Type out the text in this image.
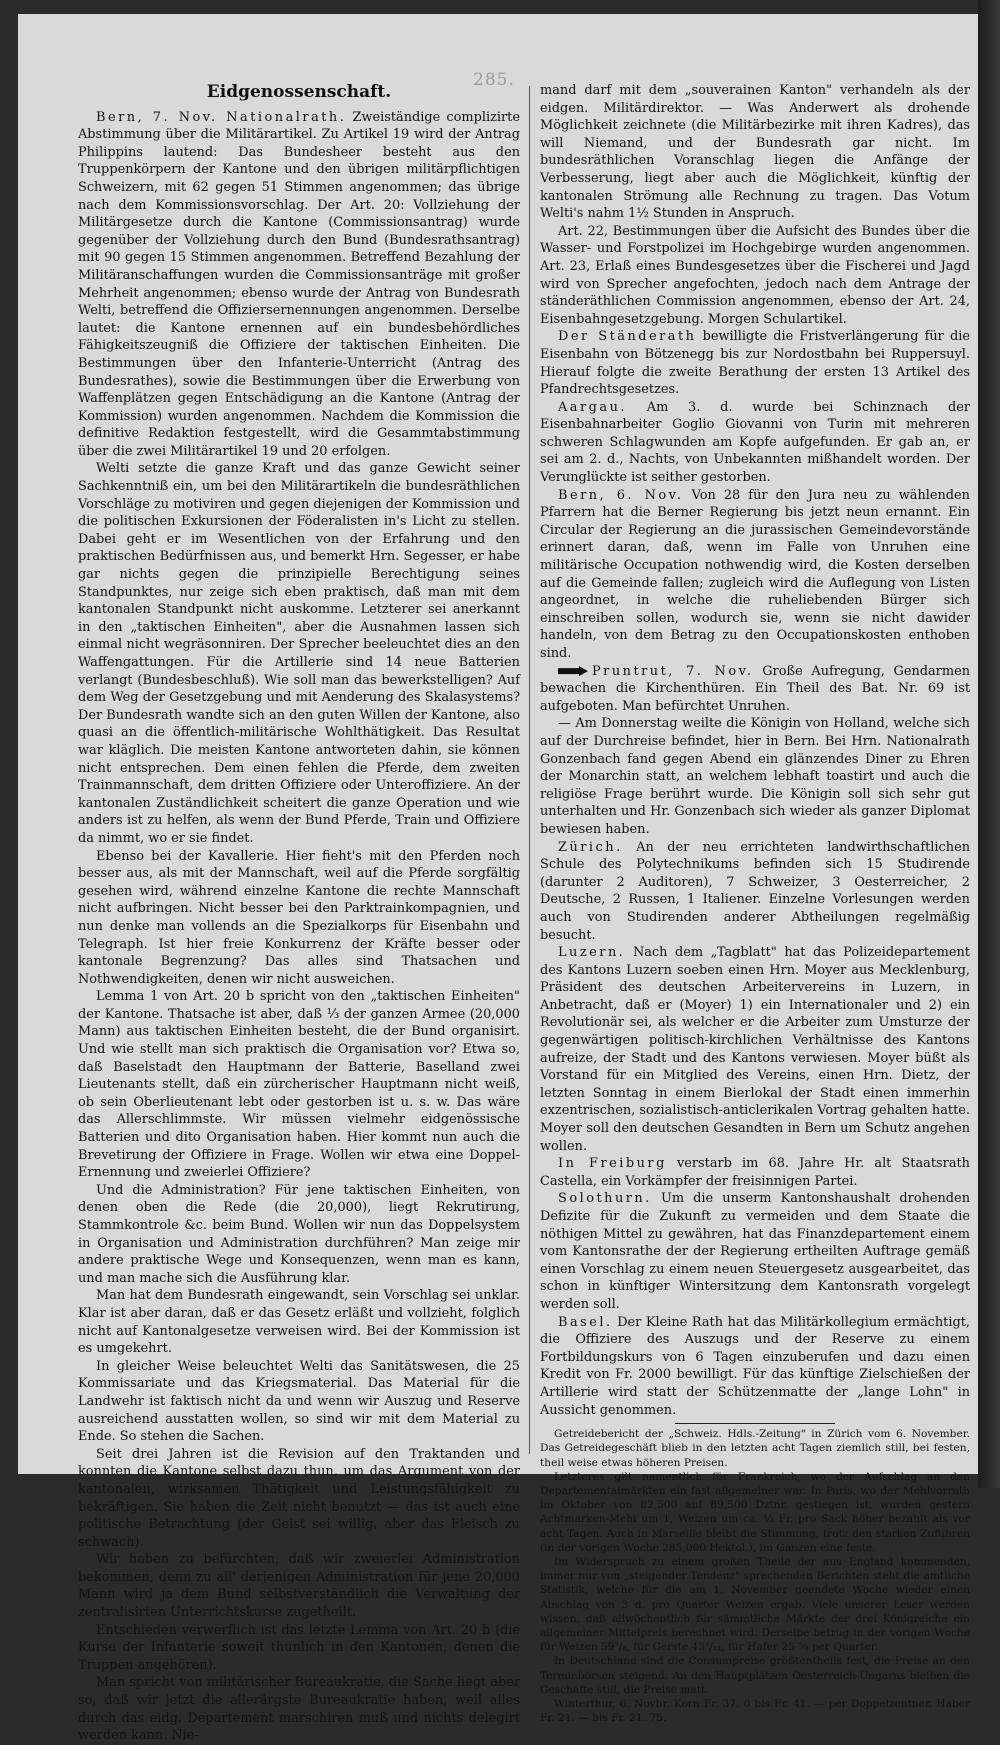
285.
Eidgenossenschaft.

Bern, 7. Nov. Nationalrath. Zweiständige complizirte Abstimmung über die Militärartikel. Zu Artikel 19 wird der Antrag Philippins lautend: Das Bundesheer besteht aus den Truppenkörpern der Kantone und den übrigen militärpflichtigen Schweizern, mit 62 gegen 51 Stimmen angenommen; das übrige nach dem Kommissionsvorschlag. Der Art. 20: Vollziehung der Militärgesetze durch die Kantone (Commissionsantrag) wurde gegenüber der Vollziehung durch den Bund (Bundesrathsantrag) mit 90 gegen 15 Stimmen angenommen. Betreffend Bezahlung der Militäranschaffungen wurden die Commissionsanträge mit großer Mehrheit angenommen; ebenso wurde der Antrag von Bundesrath Welti, betreffend die Offiziersernennungen angenommen. Derselbe lautet: die Kantone ernennen auf ein bundesbehördliches Fähigkeitszeugniß die Offiziere der taktischen Einheiten. Die Bestimmungen über den Infanterie-Unterricht (Antrag des Bundesrathes), sowie die Bestimmungen über die Erwerbung von Waffenplätzen gegen Entschädigung an die Kantone (Antrag der Kommission) wurden angenommen. Nachdem die Kommission die definitive Redaktion festgestellt, wird die Gesammtabstimmung über die zwei Militärartikel 19 und 20 erfolgen.

Welti setzte die ganze Kraft und das ganze Gewicht seiner Sachkenntniß ein, um bei den Militärartikeln die bundesräthlichen Vorschläge zu motiviren und gegen diejenigen der Kommission und die politischen Exkursionen der Föderalisten in's Licht zu stellen. Dabei geht er im Wesentlichen von der Erfahrung und den praktischen Bedürfnissen aus, und bemerkt Hrn. Segesser, er habe gar nichts gegen die prinzipielle Berechtigung seines Standpunktes, nur zeige sich eben praktisch, daß man mit dem kantonalen Standpunkt nicht auskomme. Letzterer sei anerkannt in den „taktischen Einheiten", aber die Ausnahmen lassen sich einmal nicht wegräsonniren. Der Sprecher beeleuchtet dies an den Waffengattungen. Für die Artillerie sind 14 neue Batterien verlangt (Bundesbeschluß). Wie soll man das bewerkstelligen? Auf dem Weg der Gesetzgebung und mit Aenderung des Skalasystems? Der Bundesrath wandte sich an den guten Willen der Kantone, also quasi an die öffentlich-militärische Wohlthätigkeit. Das Resultat war kläglich. Die meisten Kantone antworteten dahin, sie können nicht entsprechen. Dem einen fehlen die Pferde, dem zweiten Trainmannschaft, dem dritten Offiziere oder Unteroffiziere. An der kantonalen Zuständlichkeit scheitert die ganze Operation und wie anders ist zu helfen, als wenn der Bund Pferde, Train und Offiziere da nimmt, wo er sie findet.

Ebenso bei der Kavallerie. Hier fieht's mit den Pferden noch besser aus, als mit der Mannschaft, weil auf die Pferde sorgfältig gesehen wird, während einzelne Kantone die rechte Mannschaft nicht aufbringen. Nicht besser bei den Parktrainkompagnien, und nun denke man vollends an die Spezialkorps für Eisenbahn und Telegraph. Ist hier freie Konkurrenz der Kräfte besser oder kantonale Begrenzung? Das alles sind Thatsachen und Nothwendigkeiten, denen wir nicht ausweichen.

Lemma 1 von Art. 20 b spricht von den „taktischen Einheiten" der Kantone. Thatsache ist aber, daß ⅓ der ganzen Armee (20,000 Mann) aus taktischen Einheiten besteht, die der Bund organisirt. Und wie stellt man sich praktisch die Organisation vor? Etwa so, daß Baselstadt den Hauptmann der Batterie, Baselland zwei Lieutenants stellt, daß ein zürcherischer Hauptmann nicht weiß, ob sein Oberlieutenant lebt oder gestorben ist u. s. w. Das wäre das Allerschlimmste. Wir müssen vielmehr eidgenössische Batterien und dito Organisation haben. Hier kommt nun auch die Brevetirung der Offiziere in Frage. Wollen wir etwa eine Doppel-Ernennung und zweierlei Offiziere?

Und die Administration? Für jene taktischen Einheiten, von denen oben die Rede (die 20,000), liegt Rekrutirung, Stammkontrole &c. beim Bund. Wollen wir nun das Doppelsystem in Organisation und Administration durchführen? Man zeige mir andere praktische Wege und Konsequenzen, wenn man es kann, und man mache sich die Ausführung klar.

Man hat dem Bundesrath eingewandt, sein Vorschlag sei unklar. Klar ist aber daran, daß er das Gesetz erläßt und vollzieht, folglich nicht auf Kantonalgesetze verweisen wird. Bei der Kommission ist es umgekehrt.

In gleicher Weise beleuchtet Welti das Sanitätswesen, die 25 Kommissariate und das Kriegsmaterial. Das Material für die Landwehr ist faktisch nicht da und wenn wir Auszug und Reserve ausreichend ausstatten wollen, so sind wir mit dem Material zu Ende. So stehen die Sachen.

Seit drei Jahren ist die Revision auf den Traktanden und konnten die Kantone selbst dazu thun, um das Argument von der kantonalen, wirksamen Thätigkeit und Leistungsfähigkeit zu bekräftigen. Sie haben die Zeit nicht benutzt — das ist auch eine politische Betrachtung (der Geist sei willig, aber das Fleisch zu schwach).

Wir haben zu befürchten, daß wir zweierlei Administration bekommen, denn zu all' derjenigen Administration für jene 20,000 Mann wird ja dem Bund selbstverständlich die Verwaltung der zentralisirten Unterrichtskurse zugetheilt.

Entschieden verwerflich ist das letzte Lemma von Art. 20 b (die Kurse der Infanterie soweit thunlich in den Kantonen, denen die Truppen angehören).

Man spricht von militärischer Bureaukratie, die Sache liegt aber so, daß wir jetzt die allerärgste Bureaukratie haben, weil alles durch das eidg. Departement marschiren muß und nichts delegirt werden kann. Nie-

mand darf mit dem „souverainen Kanton" verhandeln als der eidgen. Militärdirektor. — Was Anderwert als drohende Möglichkeit zeichnete (die Militärbezirke mit ihren Kadres), das will Niemand, und der Bundesrath gar nicht. Im bundesräthlichen Voranschlag liegen die Anfänge der Verbesserung, liegt aber auch die Möglichkeit, künftig der kantonalen Strömung alle Rechnung zu tragen. Das Votum Welti's nahm 1½ Stunden in Anspruch.

Art. 22, Bestimmungen über die Aufsicht des Bundes über die Wasser- und Forstpolizei im Hochgebirge wurden angenommen. Art. 23, Erlaß eines Bundesgesetzes über die Fischerei und Jagd wird von Sprecher angefochten, jedoch nach dem Antrage der ständeräthlichen Commission angenommen, ebenso der Art. 24, Eisenbahngesetzgebung. Morgen Schulartikel.

Der Ständerath bewilligte die Fristverlängerung für die Eisenbahn von Bötzenegg bis zur Nordostbahn bei Ruppersuyl. Hierauf folgte die zweite Berathung der ersten 13 Artikel des Pfandrechtsgesetzes.

Aargau. Am 3. d. wurde bei Schinznach der Eisenbahnarbeiter Goglio Giovanni von Turin mit mehreren schweren Schlagwunden am Kopfe aufgefunden. Er gab an, er sei am 2. d., Nachts, von Unbekannten mißhandelt worden. Der Verunglückte ist seither gestorben.

Bern, 6. Nov. Von 28 für den Jura neu zu wählenden Pfarrern hat die Berner Regierung bis jetzt neun ernannt. Ein Circular der Regierung an die jurassischen Gemeindevorstände erinnert daran, daß, wenn im Falle von Unruhen eine militärische Occupation nothwendig wird, die Kosten derselben auf die Gemeinde fallen; zugleich wird die Auflegung von Listen angeordnet, in welche die ruheliebenden Bürger sich einschreiben sollen, wodurch sie, wenn sie nicht dawider handeln, von dem Betrag zu den Occupationskosten enthoben sind.

Pruntrut, 7. Nov. Große Aufregung, Gendarmen bewachen die Kirchenthüren. Ein Theil des Bat. Nr. 69 ist aufgeboten. Man befürchtet Unruhen.

— Am Donnerstag weilte die Königin von Holland, welche sich auf der Durchreise befindet, hier in Bern. Bei Hrn. Nationalrath Gonzenbach fand gegen Abend ein glänzendes Diner zu Ehren der Monarchin statt, an welchem lebhaft toastirt und auch die religiöse Frage berührt wurde. Die Königin soll sich sehr gut unterhalten und Hr. Gonzenbach sich wieder als ganzer Diplomat bewiesen haben.

Zürich. An der neu errichteten landwirthschaftlichen Schule des Polytechnikums befinden sich 15 Studirende (darunter 2 Auditoren), 7 Schweizer, 3 Oesterreicher, 2 Deutsche, 2 Russen, 1 Italiener. Einzelne Vorlesungen werden auch von Studirenden anderer Abtheilungen regelmäßig besucht.

Luzern. Nach dem „Tagblatt" hat das Polizeidepartement des Kantons Luzern soeben einen Hrn. Moyer aus Mecklenburg, Präsident des deutschen Arbeitervereins in Luzern, in Anbetracht, daß er (Moyer) 1) ein Internationaler und 2) ein Revolutionär sei, als welcher er die Arbeiter zum Umsturze der gegenwärtigen politisch-kirchlichen Verhältnisse des Kantons aufreize, der Stadt und des Kantons verwiesen. Moyer büßt als Vorstand für ein Mitglied des Vereins, einen Hrn. Dietz, der letzten Sonntag in einem Bierlokal der Stadt einen immerhin exzentrischen, sozialistisch-anticlerikalen Vortrag gehalten hatte. Moyer soll den deutschen Gesandten in Bern um Schutz angehen wollen.

In Freiburg verstarb im 68. Jahre Hr. alt Staatsrath Castella, ein Vorkämpfer der freisinnigen Partei.

Solothurn. Um die unserm Kantonshaushalt drohenden Defizite für die Zukunft zu vermeiden und dem Staate die nöthigen Mittel zu gewähren, hat das Finanzdepartement einem vom Kantonsrathe der der Regierung ertheilten Auftrage gemäß einen Vorschlag zu einem neuen Steuergesetz ausgearbeitet, das schon in künftiger Wintersitzung dem Kantonsrath vorgelegt werden soll.

Basel. Der Kleine Rath hat das Militärkollegium ermächtigt, die Offiziere des Auszugs und der Reserve zu einem Fortbildungskurs von 6 Tagen einzuberufen und dazu einen Kredit von Fr. 2000 bewilligt. Für das künftige Zielschießen der Artillerie wird statt der Schützenmatte der „lange Lohn" in Aussicht genommen.

Getreidebericht der „Schweiz. Hdls.-Zeitung" in Zürich vom 6. November. Das Getreidegeschäft blieb in den letzten acht Tagen ziemlich still, bei festen, theil weise etwas höheren Preisen.

Letzteres gilt namentlich für Frankreich, wo der Aufschlag an den Departementalmärkten ein fast allgemeiner war. In Paris, wo der Mehlvorrath im Oktober von 82,500 auf 89,500 Dztnr. gestiegen ist, wurden gestern Achtmarken-Mehl um 1, Weizen um ca. ½ Fr. pro Sack höher bezahlt als vor acht Tagen. Auch in Marseille bleibt die Stimmung, trotz den starken Zufuhren (in der vorigen Woche 285,000 Hektol.), im Ganzen eine feste.

Im Widerspruch zu einem großen Theile der aus England kommenden, immer nur von „steigender Tendenz" sprechenden Berichten steht die amtliche Statistik, welche für die am 1. November geendete Woche wieder einen Abschlag von 3 d. pro Quarter Weizen ergab. Viele unserer Leser werden wissen, daß allwöchentlich für sämmtliche Märkte der drei Königreiche ein allgemeiner Mittelpreis berechnet wird. Derselbe betrug in der vorigen Woche für Weizen 59⁵/₈, für Gerste 43¹/₁₂, für Hafer 25 ⅝ per Quarter.

In Deutschland sind die Consumpreise größtentheils fest, die Preise an den Terminbörsen steigend. An den Hauptplätzen Oesterreich-Ungarns bleiben die Geschäfte still, die Preise matt.

Winterthur, 6. Novbr. Korn Fr. 37. 0 bis Fr. 41. — per Doppelzentner. Haber Fr. 21. — bis Fr. 21. 75.
